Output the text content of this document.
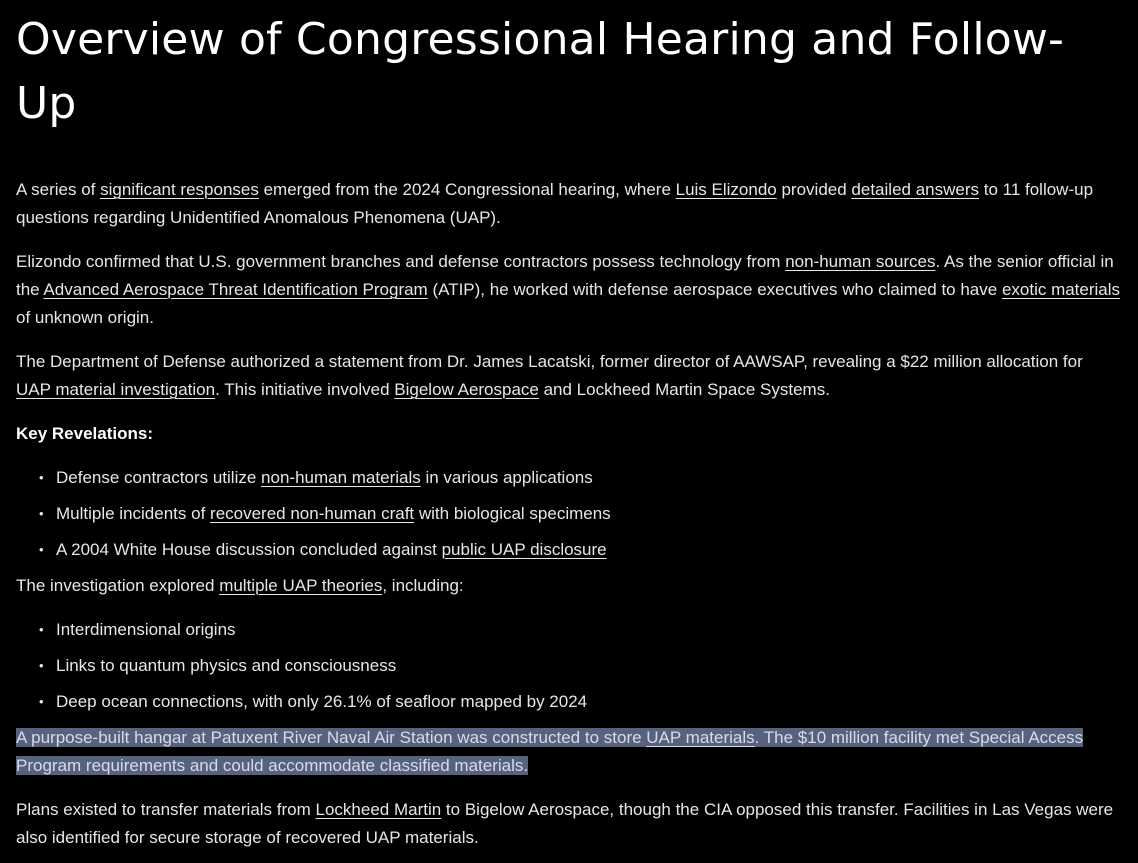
Overview of Congressional Hearing and Follow-Up

A series of significant responses emerged from the 2024 Congressional hearing, where Luis Elizondo provided detailed answers to 11 follow-up questions regarding Unidentified Anomalous Phenomena (UAP).

Elizondo confirmed that U.S. government branches and defense contractors possess technology from non-human sources. As the senior official in the Advanced Aerospace Threat Identification Program (ATIP), he worked with defense aerospace executives who claimed to have exotic materials of unknown origin.

The Department of Defense authorized a statement from Dr. James Lacatski, former director of AAWSAP, revealing a $22 million allocation for UAP material investigation. This initiative involved Bigelow Aerospace and Lockheed Martin Space Systems.

Key Revelations:

• Defense contractors utilize non-human materials in various applications
• Multiple incidents of recovered non-human craft with biological specimens
• A 2004 White House discussion concluded against public UAP disclosure

The investigation explored multiple UAP theories, including:

• Interdimensional origins
• Links to quantum physics and consciousness
• Deep ocean connections, with only 26.1% of seafloor mapped by 2024

A purpose-built hangar at Patuxent River Naval Air Station was constructed to store UAP materials. The $10 million facility met Special Access Program requirements and could accommodate classified materials.

Plans existed to transfer materials from Lockheed Martin to Bigelow Aerospace, though the CIA opposed this transfer. Facilities in Las Vegas were also identified for secure storage of recovered UAP materials.
